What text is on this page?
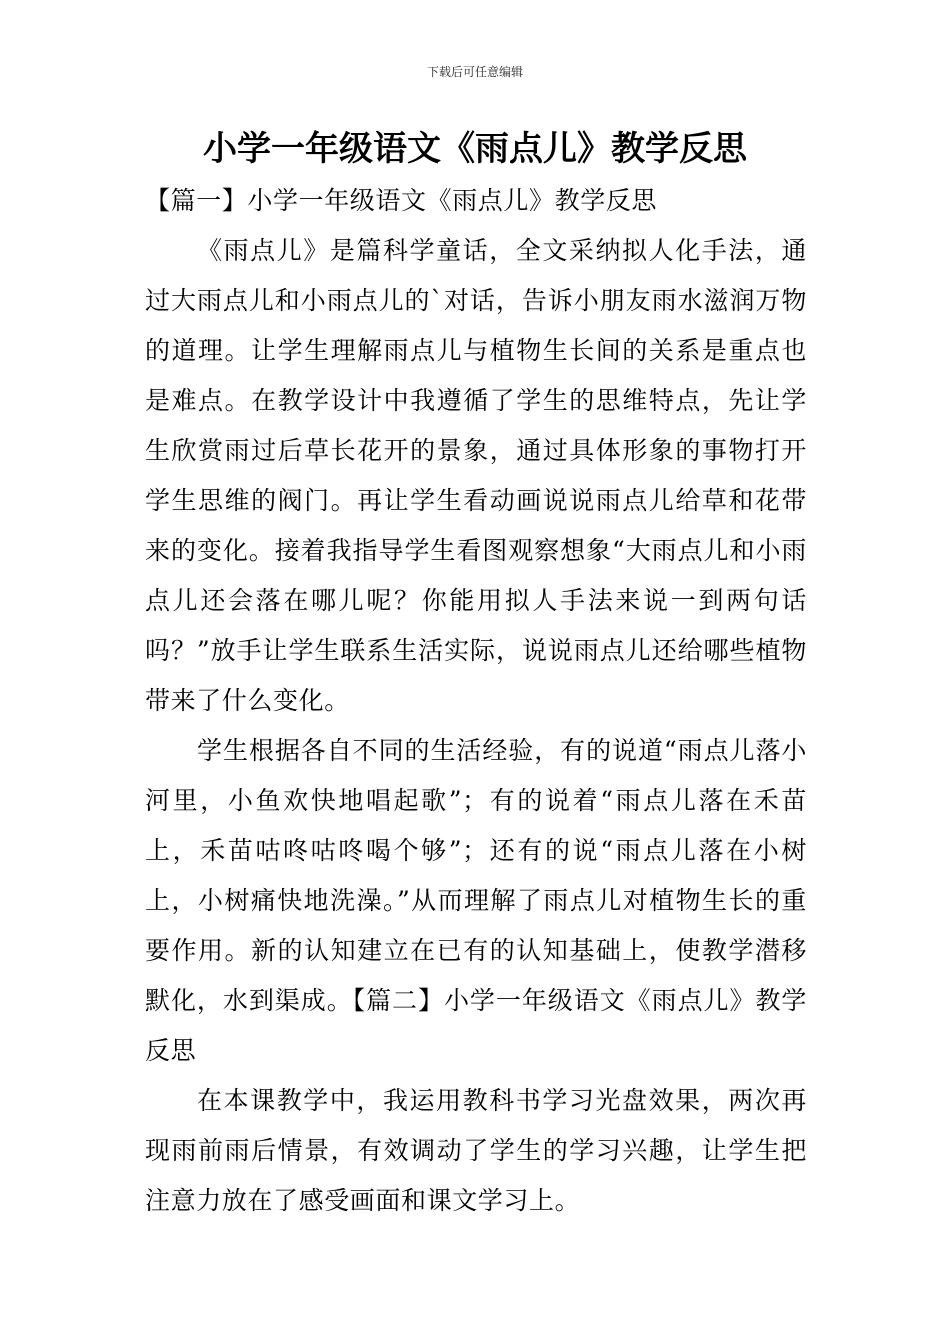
下载后可任意编辑
小学一年级语文《雨点儿》教学反思

【篇一】小学一年级语文《雨点儿》教学反思

《雨点儿》是篇科学童话，全文采纳拟人化手法，通过大雨点儿和小雨点儿的`对话，告诉小朋友雨水滋润万物的道理。让学生理解雨点儿与植物生长间的关系是重点也是难点。在教学设计中我遵循了学生的思维特点，先让学生欣赏雨过后草长花开的景象，通过具体形象的事物打开学生思维的阀门。再让学生看动画说说雨点儿给草和花带来的变化。接着我指导学生看图观察想象“大雨点儿和小雨点儿还会落在哪儿呢？你能用拟人手法来说一到两句话吗？”放手让学生联系生活实际，说说雨点儿还给哪些植物带来了什么变化。

学生根据各自不同的生活经验，有的说道“雨点儿落小河里，小鱼欢快地唱起歌”；有的说着“雨点儿落在禾苗上，禾苗咕咚咕咚喝个够”；还有的说“雨点儿落在小树上，小树痛快地洗澡。”从而理解了雨点儿对植物生长的重要作用。新的认知建立在已有的认知基础上，使教学潜移默化，水到渠成。【篇二】小学一年级语文《雨点儿》教学反思

在本课教学中，我运用教科书学习光盘效果，两次再现雨前雨后情景，有效调动了学生的学习兴趣，让学生把注意力放在了感受画面和课文学习上。
